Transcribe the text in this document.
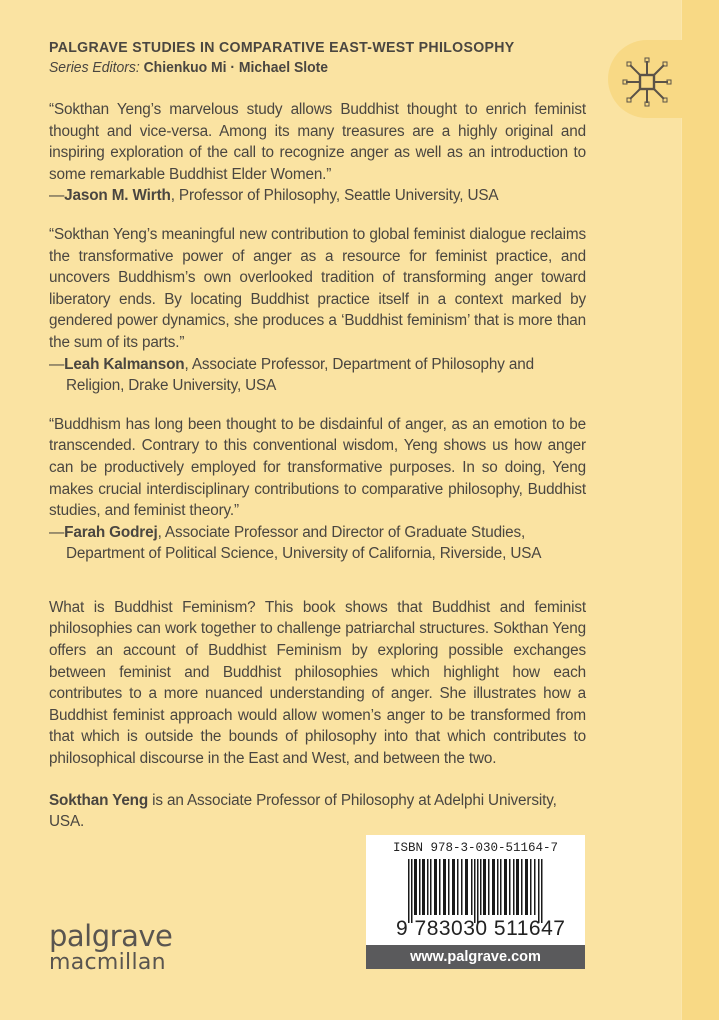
PALGRAVE STUDIES IN COMPARATIVE EAST-WEST PHILOSOPHY
Series Editors: Chienkuo Mi · Michael Slote
“Sokthan Yeng’s marvelous study allows Buddhist thought to enrich feminist thought and vice-versa. Among its many treasures are a highly original and inspiring exploration of the call to recognize anger as well as an introduction to some remarkable Buddhist Elder Women.”
—Jason M. Wirth, Professor of Philosophy, Seattle University, USA
“Sokthan Yeng’s meaningful new contribution to global feminist dialogue reclaims the transformative power of anger as a resource for feminist practice, and uncovers Buddhism’s own overlooked tradition of transforming anger toward liberatory ends. By locating Buddhist practice itself in a context marked by gendered power dynamics, she produces a ‘Buddhist feminism’ that is more than the sum of its parts.”
—Leah Kalmanson, Associate Professor, Department of Philosophy and Religion, Drake University, USA
“Buddhism has long been thought to be disdainful of anger, as an emotion to be transcended. Contrary to this conventional wisdom, Yeng shows us how anger can be productively employed for transformative purposes. In so doing, Yeng makes crucial interdisciplinary contributions to comparative philosophy, Buddhist studies, and feminist theory.”
—Farah Godrej, Associate Professor and Director of Graduate Studies, Department of Political Science, University of California, Riverside, USA
What is Buddhist Feminism? This book shows that Buddhist and feminist philosophies can work together to challenge patriarchal structures. Sokthan Yeng offers an account of Buddhist Feminism by exploring possible exchanges between feminist and Buddhist philosophies which highlight how each contributes to a more nuanced understanding of anger. She illustrates how a Buddhist feminist approach would allow women’s anger to be transformed from that which is outside the bounds of philosophy into that which contributes to philosophical discourse in the East and West, and between the two.
Sokthan Yeng is an Associate Professor of Philosophy at Adelphi University, USA.
palgrave
macmillan
ISBN 978-3-030-51164-7
9 783030 511647
www.palgrave.com
